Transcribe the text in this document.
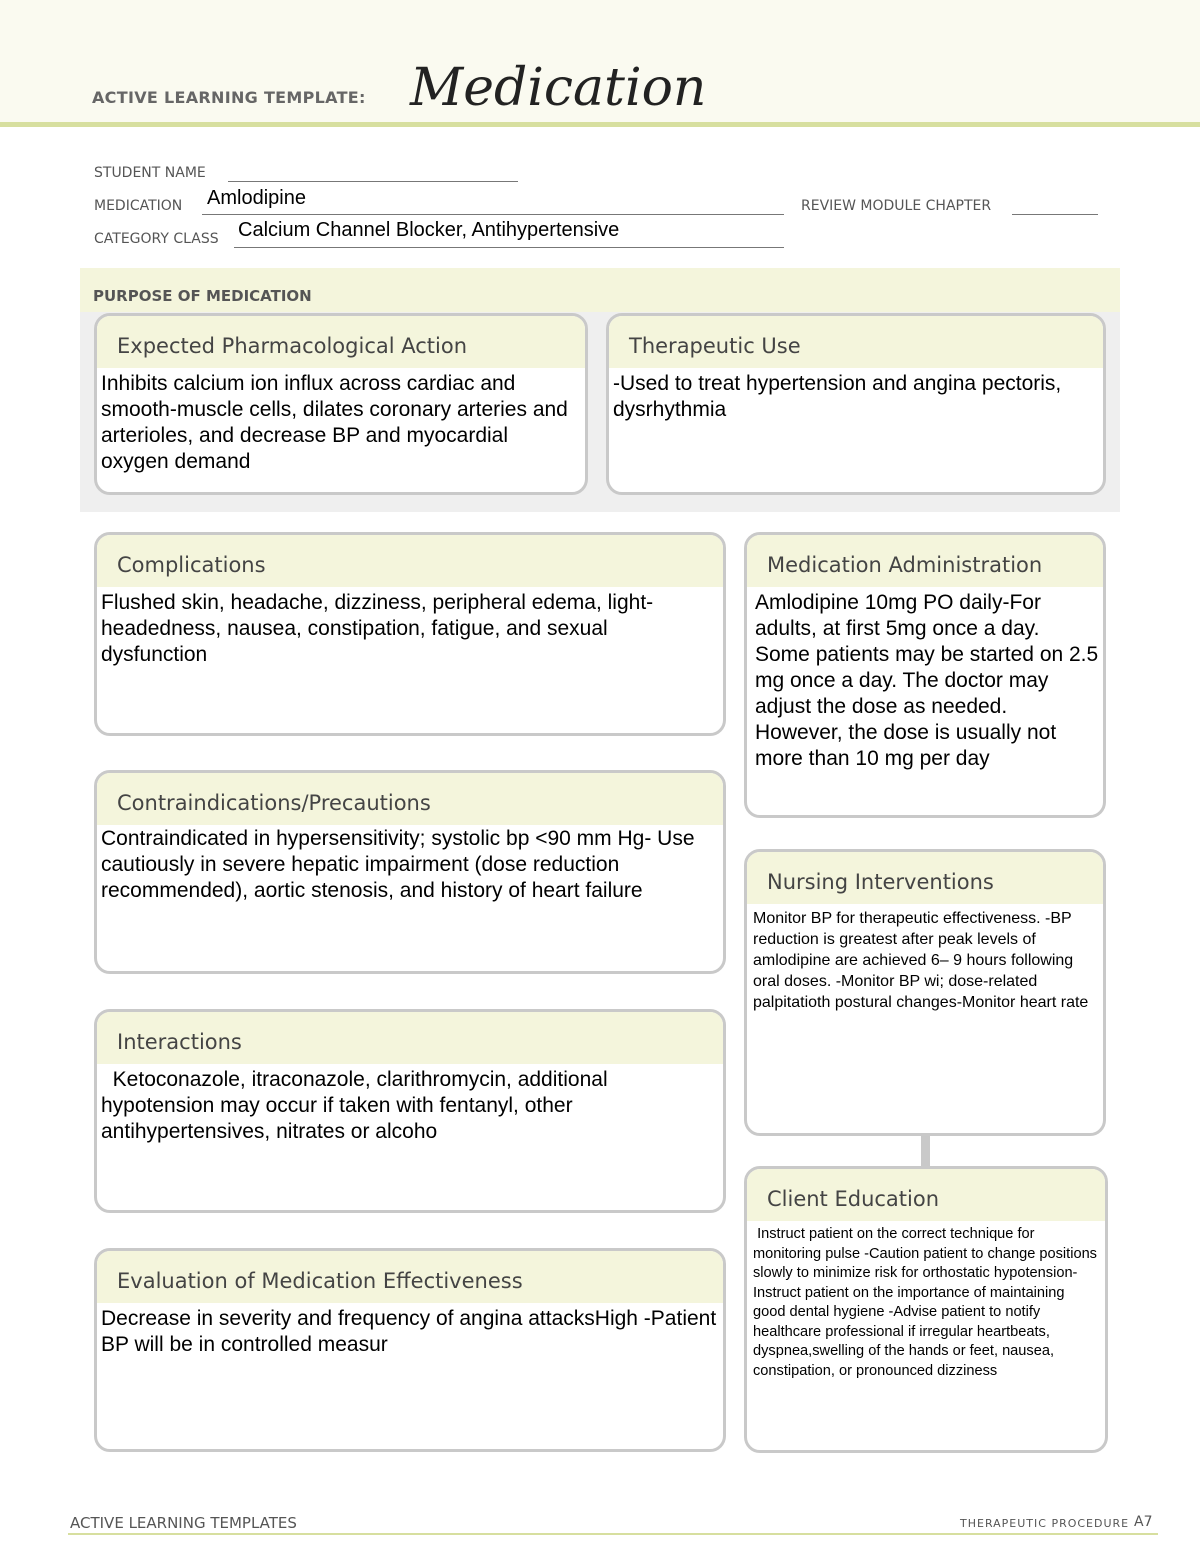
ACTIVE LEARNING TEMPLATE: Medication
STUDENT NAME
MEDICATION Amlodipine	REVIEW MODULE CHAPTER
CATEGORY CLASS Calcium Channel Blocker, Antihypertensive
PURPOSE OF MEDICATION
Expected Pharmacological Action
Inhibits calcium ion influx across cardiac and smooth-muscle cells, dilates coronary arteries and arterioles, and decrease BP and myocardial oxygen demand
Therapeutic Use
-Used to treat hypertension and angina pectoris, dysrhythmia
Complications
Flushed skin, headache, dizziness, peripheral edema, light-headedness, nausea, constipation, fatigue, and sexual dysfunction
Contraindications/Precautions
Contraindicated in hypersensitivity; systolic bp <90 mm Hg- Use cautiously in severe hepatic impairment (dose reduction recommended), aortic stenosis, and history of heart failure
Interactions
Ketoconazole, itraconazole, clarithromycin, additional hypotension may occur if taken with fentanyl, other antihypertensives, nitrates or alcoho
Evaluation of Medication Effectiveness
Decrease in severity and frequency of angina attacksHigh -Patient BP will be in controlled measur
Medication Administration
Amlodipine 10mg PO daily-For adults, at first 5mg once a day. Some patients may be started on 2.5 mg once a day. The doctor may adjust the dose as needed. However, the dose is usually not more than 10 mg per day
Nursing Interventions
Monitor BP for therapeutic effectiveness. -BP reduction is greatest after peak levels of amlodipine are achieved 6– 9 hours following oral doses. -Monitor BP wi; dose-related palpitatioth postural changes-Monitor heart rate
Client Education
Instruct patient on the correct technique for monitoring pulse -Caution patient to change positions slowly to minimize risk for orthostatic hypotension-Instruct patient on the importance of maintaining good dental hygiene -Advise patient to notify healthcare professional if irregular heartbeats, dyspnea,swelling of the hands or feet, nausea, constipation, or pronounced dizziness
ACTIVE LEARNING TEMPLATES	THERAPEUTIC PROCEDURE A7
